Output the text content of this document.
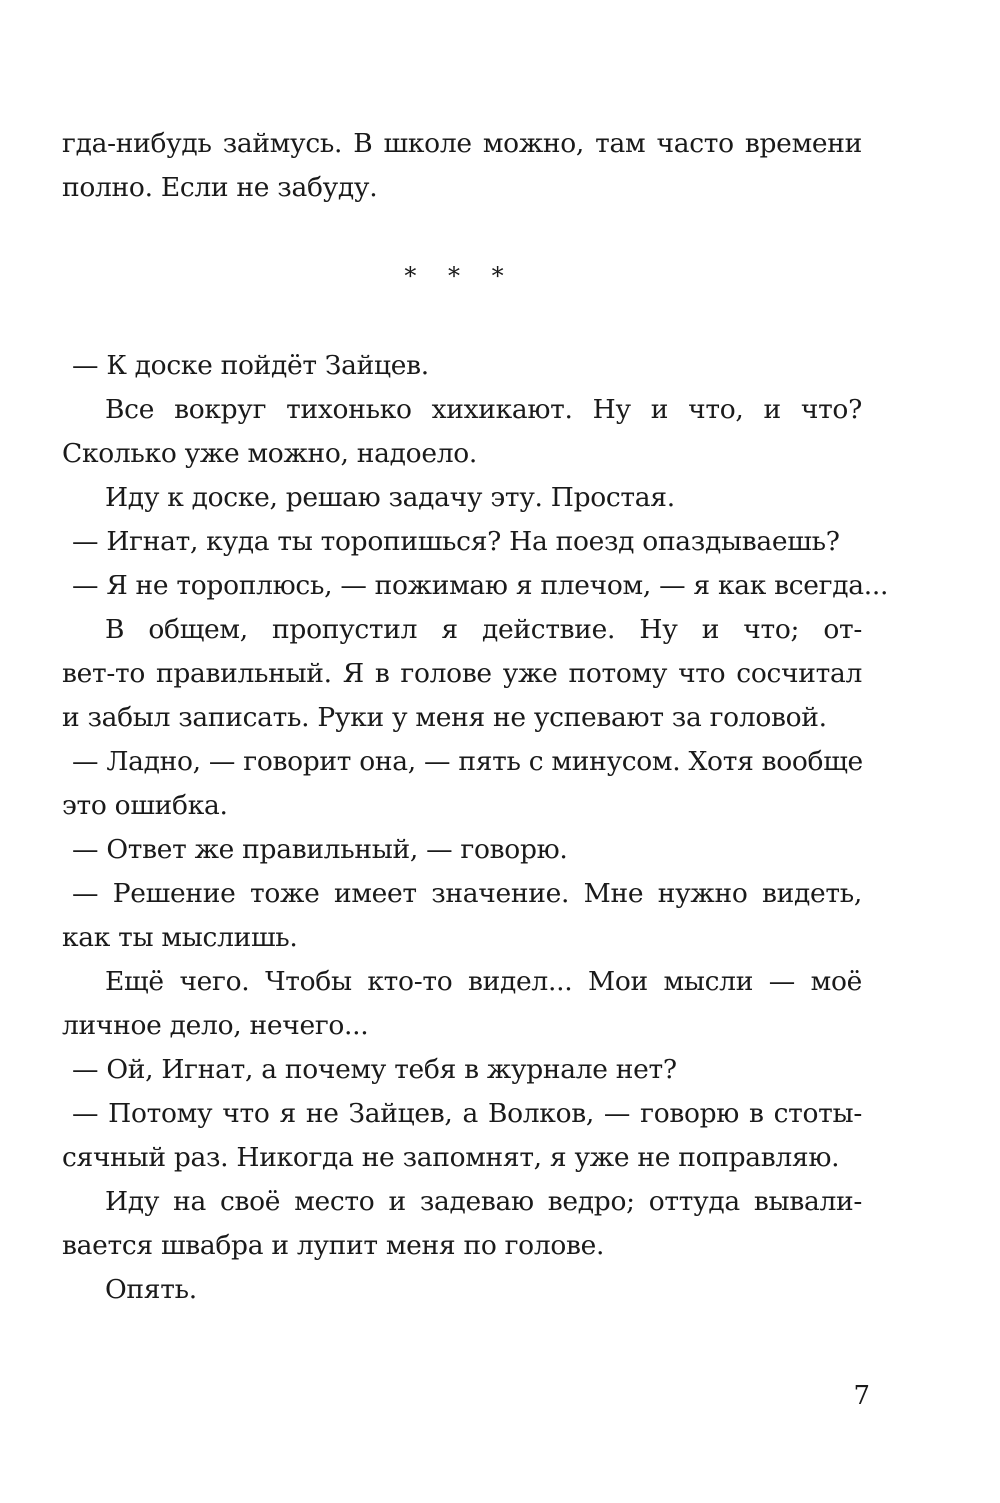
гда-нибудь займусь. В школе можно, там часто времени
полно. Если не забуду.
* * *
— К доске пойдёт Зайцев.
Все вокруг тихонько хихикают. Ну и что, и что?
Сколько уже можно, надоело.
Иду к доске, решаю задачу эту. Простая.
— Игнат, куда ты торопишься? На поезд опаздываешь?
— Я не тороплюсь, — пожимаю я плечом, — я как всегда...
В общем, пропустил я действие. Ну и что; от-
вет-то правильный. Я в голове уже потому что сосчитал
и забыл записать. Руки у меня не успевают за головой.
— Ладно, — говорит она, — пять с минусом. Хотя вообще
это ошибка.
— Ответ же правильный, — говорю.
— Решение тоже имеет значение. Мне нужно видеть,
как ты мыслишь.
Ещё чего. Чтобы кто-то видел... Мои мысли — моё
личное дело, нечего...
— Ой, Игнат, а почему тебя в журнале нет?
— Потому что я не Зайцев, а Волков, — говорю в стоты-
сячный раз. Никогда не запомнят, я уже не поправляю.
Иду на своё место и задеваю ведро; оттуда вывали-
вается швабра и лупит меня по голове.
Опять.
7
